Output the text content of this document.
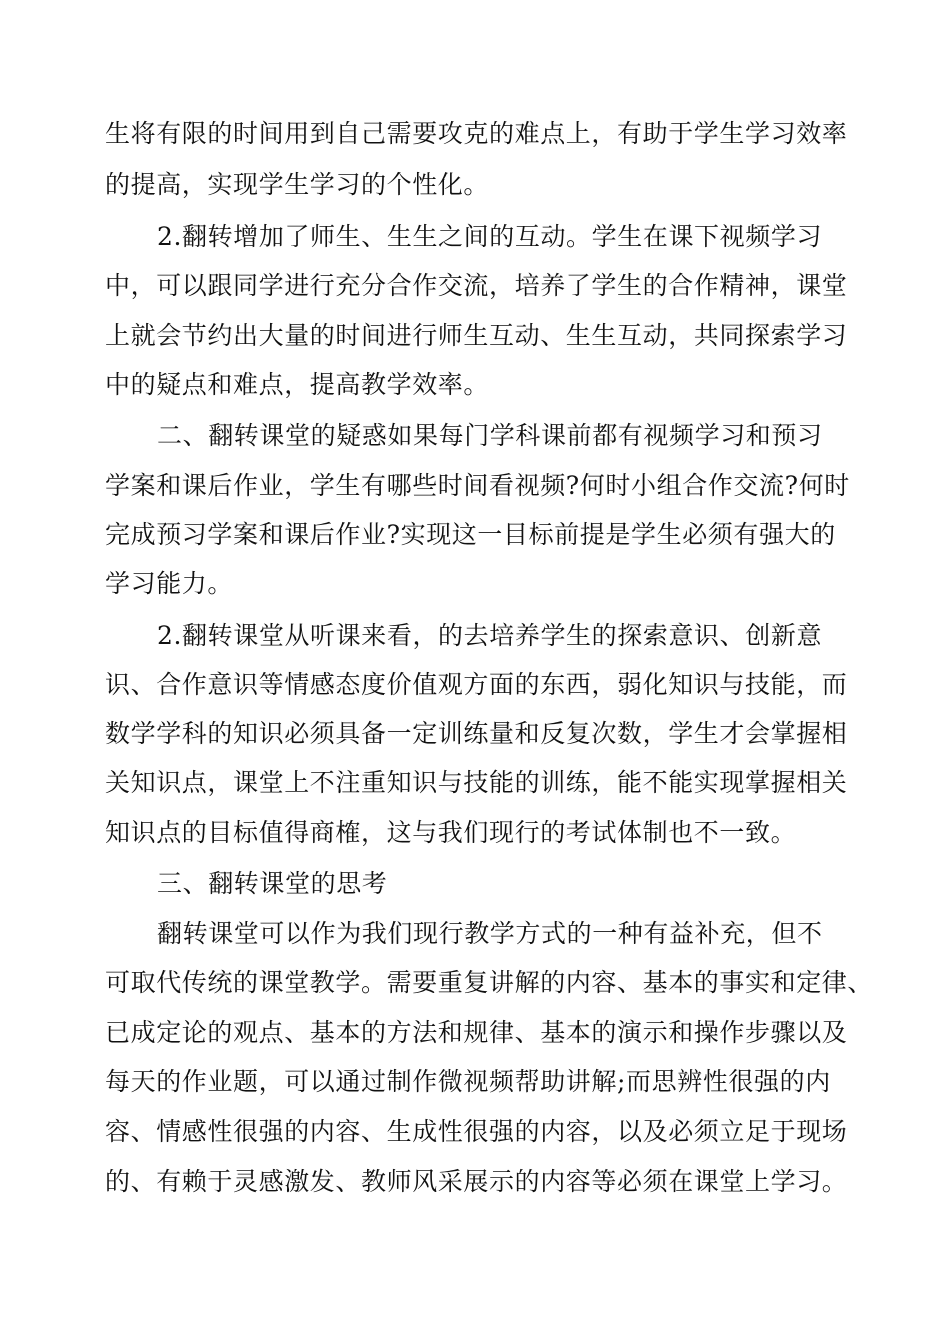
生将有限的时间用到自己需要攻克的难点上，有助于学生学习效率
的提高，实现学生学习的个性化。
2.翻转增加了师生、生生之间的互动。学生在课下视频学习
中，可以跟同学进行充分合作交流，培养了学生的合作精神，课堂
上就会节约出大量的时间进行师生互动、生生互动，共同探索学习
中的疑点和难点，提高教学效率。
二、翻转课堂的疑惑如果每门学科课前都有视频学习和预习
学案和课后作业，学生有哪些时间看视频?何时小组合作交流?何时
完成预习学案和课后作业?实现这一目标前提是学生必须有强大的
学习能力。
2.翻转课堂从听课来看，的去培养学生的探索意识、创新意
识、合作意识等情感态度价值观方面的东西，弱化知识与技能，而
数学学科的知识必须具备一定训练量和反复次数，学生才会掌握相
关知识点，课堂上不注重知识与技能的训练，能不能实现掌握相关
知识点的目标值得商榷，这与我们现行的考试体制也不一致。
三、翻转课堂的思考
翻转课堂可以作为我们现行教学方式的一种有益补充，但不
可取代传统的课堂教学。需要重复讲解的内容、基本的事实和定律、
已成定论的观点、基本的方法和规律、基本的演示和操作步骤以及
每天的作业题，可以通过制作微视频帮助讲解;而思辨性很强的内
容、情感性很强的内容、生成性很强的内容，以及必须立足于现场
的、有赖于灵感激发、教师风采展示的内容等必须在课堂上学习。
